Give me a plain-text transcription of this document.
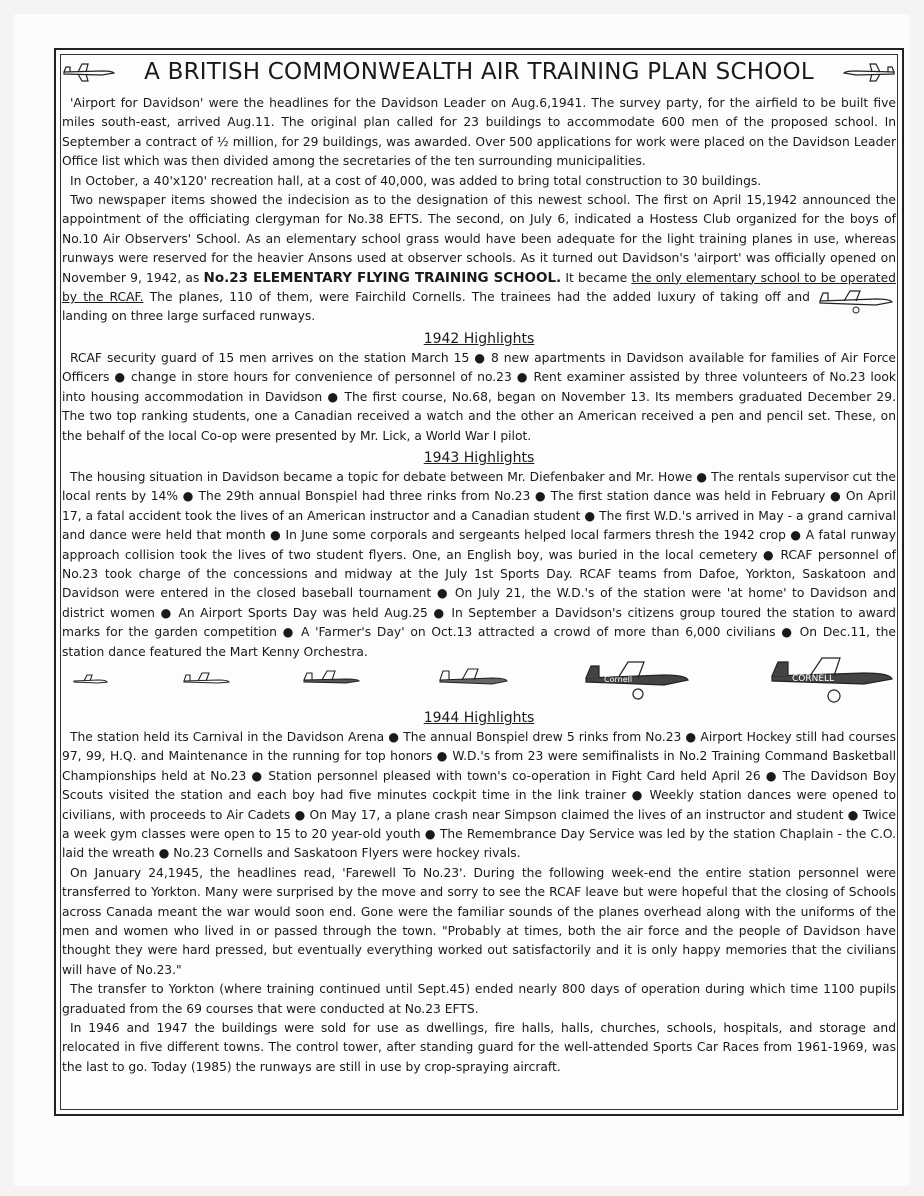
A BRITISH COMMONWEALTH AIR TRAINING PLAN SCHOOL

'Airport for Davidson' were the headlines for the Davidson Leader on Aug.6,1941. The survey party, for the airfield to be built five miles south-east, arrived Aug.11. The original plan called for 23 buildings to accommodate 600 men of the proposed school. In September a contract of ½ million, for 29 buildings, was awarded. Over 500 applications for work were placed on the Davidson Leader Office list which was then divided among the secretaries of the ten surrounding municipalities.

In October, a 40'x120' recreation hall, at a cost of 40,000, was added to bring total construction to 30 buildings.

Two newspaper items showed the indecision as to the designation of this newest school. The first on April 15,1942 announced the appointment of the officiating clergyman for No.38 EFTS. The second, on July 6, indicated a Hostess Club organized for the boys of No.10 Air Observers' School. As an elementary school grass would have been adequate for the light training planes in use, whereas runways were reserved for the heavier Ansons used at observer schools. As it turned out Davidson's 'airport' was officially opened on November 9, 1942, as No.23 ELEMENTARY FLYING TRAINING SCHOOL. It became the only elementary school to be operated by the RCAF. The planes, 110 of them, were Fairchild Cornells. The trainees had the added luxury of taking off and landing on three large surfaced runways.

1942 Highlights

RCAF security guard of 15 men arrives on the station March 15 ● 8 new apartments in Davidson available for families of Air Force Officers ● change in store hours for convenience of personnel of no.23 ● Rent examiner assisted by three volunteers of No.23 look into housing accommodation in Davidson ● The first course, No.68, began on November 13. Its members graduated December 29. The two top ranking students, one a Canadian received a watch and the other an American received a pen and pencil set. These, on the behalf of the local Co-op were presented by Mr. Lick, a World War I pilot.

1943 Highlights

The housing situation in Davidson became a topic for debate between Mr. Diefenbaker and Mr. Howe ● The rentals supervisor cut the local rents by 14% ● The 29th annual Bonspiel had three rinks from No.23 ● The first station dance was held in February ● On April 17, a fatal accident took the lives of an American instructor and a Canadian student ● The first W.D.'s arrived in May - a grand carnival and dance were held that month ● In June some corporals and sergeants helped local farmers thresh the 1942 crop ● A fatal runway approach collision took the lives of two student flyers. One, an English boy, was buried in the local cemetery ● RCAF personnel of No.23 took charge of the concessions and midway at the July 1st Sports Day. RCAF teams from Dafoe, Yorkton, Saskatoon and Davidson were entered in the closed baseball tournament ● On July 21, the W.D.'s of the station were 'at home' to Davidson and district women ● An Airport Sports Day was held Aug.25 ● In September a Davidson's citizens group toured the station to award marks for the garden competition ● A 'Farmer's Day' on Oct.13 attracted a crowd of more than 6,000 civilians ● On Dec.11, the station dance featured the Mart Kenny Orchestra.

Cornell	CORNELL
1944 Highlights

The station held its Carnival in the Davidson Arena ● The annual Bonspiel drew 5 rinks from No.23 ● Airport Hockey still had courses 97, 99, H.Q. and Maintenance in the running for top honors ● W.D.'s from 23 were semifinalists in No.2 Training Command Basketball Championships held at No.23 ● Station personnel pleased with town's co-operation in Fight Card held April 26 ● The Davidson Boy Scouts visited the station and each boy had five minutes cockpit time in the link trainer ● Weekly station dances were opened to civilians, with proceeds to Air Cadets ● On May 17, a plane crash near Simpson claimed the lives of an instructor and student ● Twice a week gym classes were open to 15 to 20 year-old youth ● The Remembrance Day Service was led by the station Chaplain - the C.O. laid the wreath ● No.23 Cornells and Saskatoon Flyers were hockey rivals.

On January 24,1945, the headlines read, 'Farewell To No.23'. During the following week-end the entire station personnel were transferred to Yorkton. Many were surprised by the move and sorry to see the RCAF leave but were hopeful that the closing of Schools across Canada meant the war would soon end. Gone were the familiar sounds of the planes overhead along with the uniforms of the men and women who lived in or passed through the town. "Probably at times, both the air force and the people of Davidson have thought they were hard pressed, but eventually everything worked out satisfactorily and it is only happy memories that the civilians will have of No.23."

The transfer to Yorkton (where training continued until Sept.45) ended nearly 800 days of operation during which time 1100 pupils graduated from the 69 courses that were conducted at No.23 EFTS.

In 1946 and 1947 the buildings were sold for use as dwellings, fire halls, halls, churches, schools, hospitals, and storage and relocated in five different towns. The control tower, after standing guard for the well-attended Sports Car Races from 1961-1969, was the last to go. Today (1985) the runways are still in use by crop-spraying aircraft.
